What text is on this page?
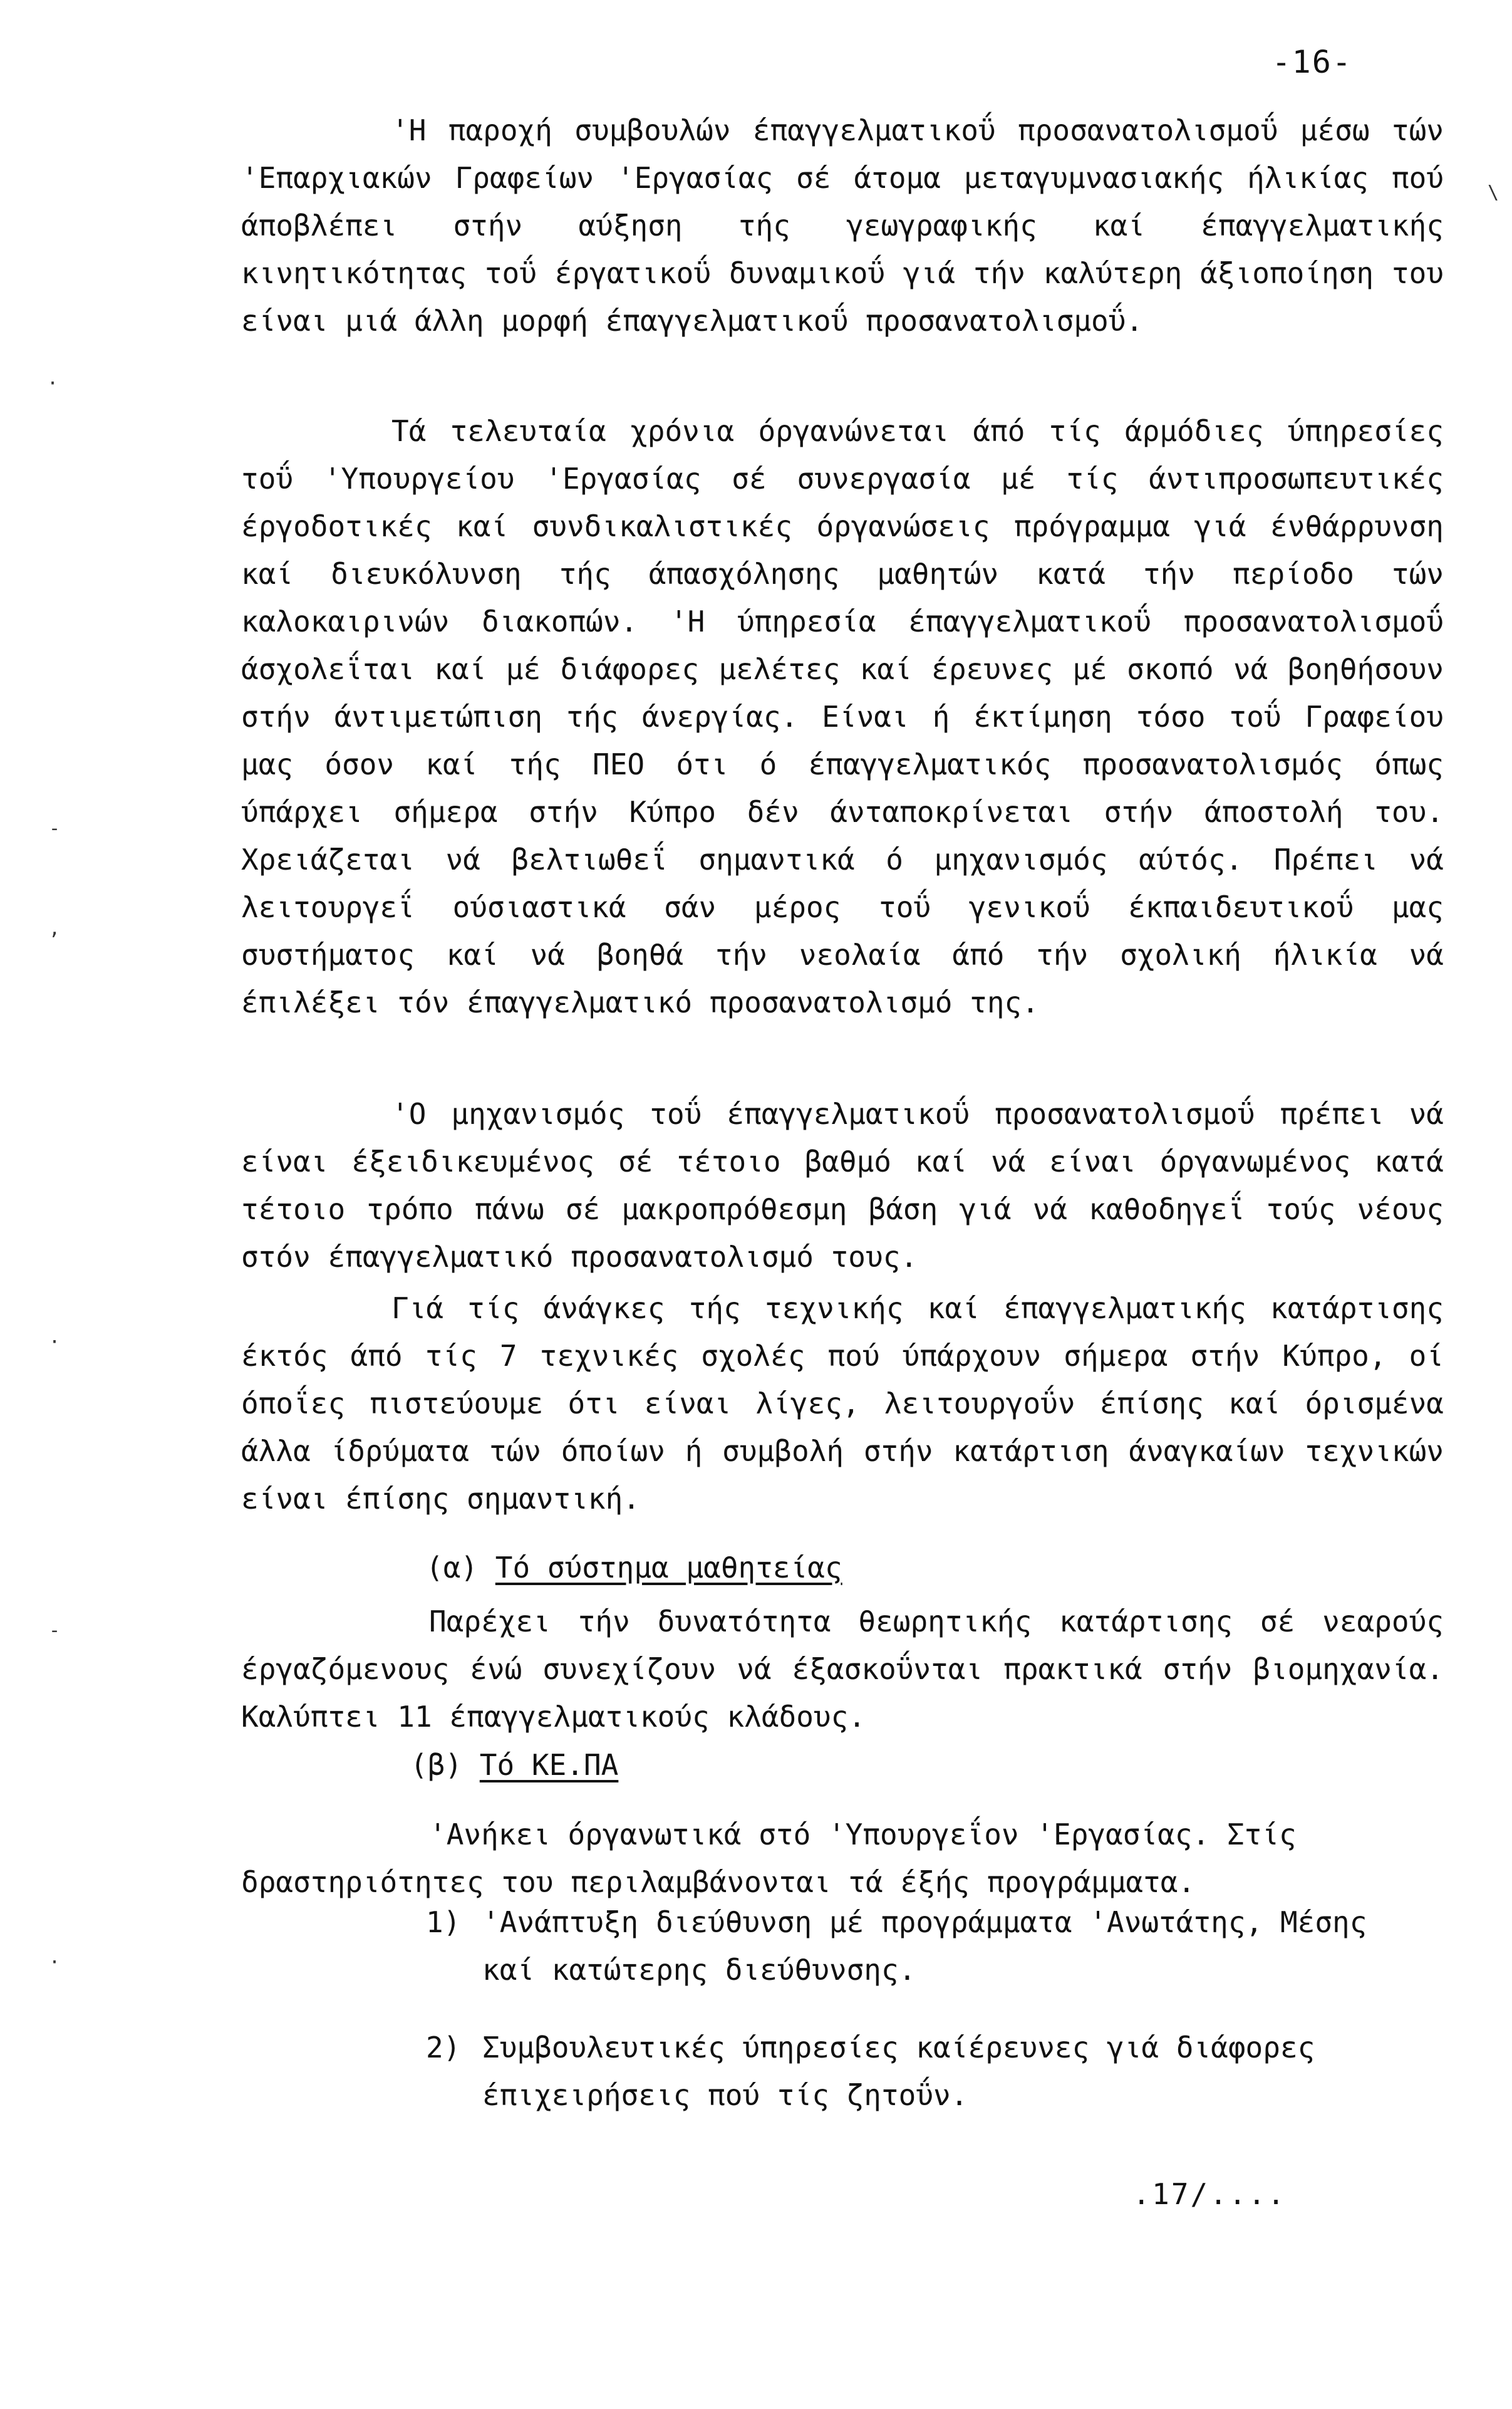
-16-

'Η παροχή συμβουλών έπαγγελματικοΰ προσανατολισμοΰ μέσω τών 'Επαρχιακών Γραφείων 'Εργασίας σέ άτομα μεταγυμνασιακής ήλικίας πού άποβλέπει στήν αύξηση τής γεωγραφικής καί έπαγγελματικής κινητικότητας τοΰ έργατικοΰ δυναμικοΰ γιά τήν καλύτερη άξιοποίηση του είναι μιά άλλη μορφή έπαγγελματικοΰ προσανατολισμοΰ.

Τά τελευταία χρόνια όργανώνεται άπό τίς άρμόδιες ύπηρεσίες τοΰ 'Υπουργείου 'Εργασίας σέ συνεργασία μέ τίς άντιπροσωπευτικές έργοδοτικές καί συνδικαλιστικές όργανώσεις πρόγραμμα γιά ένθάρρυνση καί διευκόλυνση τής άπασχόλησης μαθητών κατά τήν περίοδο τών καλοκαιρινών διακοπών. 'Η ύπηρεσία έπαγγελματικοΰ προσανατολισμοΰ άσχολεΐται καί μέ διάφορες μελέτες καί έρευνες μέ σκοπό νά βοηθήσουν στήν άντιμετώπιση τής άνεργίας. Είναι ή έκτίμηση τόσο τοΰ Γραφείου μας όσον καί τής ΠΕΟ ότι ό έπαγγελματικός προσανατολισμός όπως ύπάρχει σήμερα στήν Κύπρο δέν άνταποκρίνεται στήν άποστολή του. Χρειάζεται νά βελτιωθεΐ σημαντικά ό μηχανισμός αύτός. Πρέπει νά λειτουργεΐ ούσιαστικά σάν μέρος τοΰ γενικοΰ έκπαιδευτικοΰ μας συστήματος καί νά βοηθά τήν νεολαία άπό τήν σχολική ήλικία νά έπιλέξει τόν έπαγγελματικό προσανατολισμό της.

'Ο μηχανισμός τοΰ έπαγγελματικοΰ προσανατολισμοΰ πρέπει νά είναι έξειδικευμένος σέ τέτοιο βαθμό καί νά είναι όργανωμένος κατά τέτοιο τρόπο πάνω σέ μακροπρόθεσμη βάση γιά νά καθοδηγεΐ τούς νέους στόν έπαγγελματικό προσανατολισμό τους.

Γιά τίς άνάγκες τής τεχνικής καί έπαγγελματικής κατάρτισης έκτός άπό τίς 7 τεχνικές σχολές πού ύπάρχουν σήμερα στήν Κύπρο, οί όποΐες πιστεύουμε ότι είναι λίγες, λειτουργοΰν έπίσης καί όρισμένα άλλα ίδρύματα τών όποίων ή συμβολή στήν κατάρτιση άναγκαίων τεχνικών είναι έπίσης σημαντική.

(α) Τό σύστημα μαθητείας

Παρέχει τήν δυνατότητα θεωρητικής κατάρτισης σέ νεαρούς έργαζόμενους ένώ συνεχίζουν νά έξασκοΰνται πρακτικά στήν βιομηχανία. Καλύπτει 11 έπαγγελματικούς κλάδους.

(β) Τό ΚΕ.ΠΑ

'Ανήκει όργανωτικά στό 'Υπουργεΐον 'Εργασίας. Στίς δραστηριότητες του περιλαμβάνονται τά έξής προγράμματα.

1) 'Ανάπτυξη διεύθυνση μέ προγράμματα 'Ανωτάτης, Μέσης καί κατώτερης διεύθυνσης.
2) Συμβουλευτικές ύπηρεσίες καίέρευνες γιά διάφορες έπιχειρήσεις πού τίς ζητοΰν.
.17/....
\
·
-
,
·
-
·
